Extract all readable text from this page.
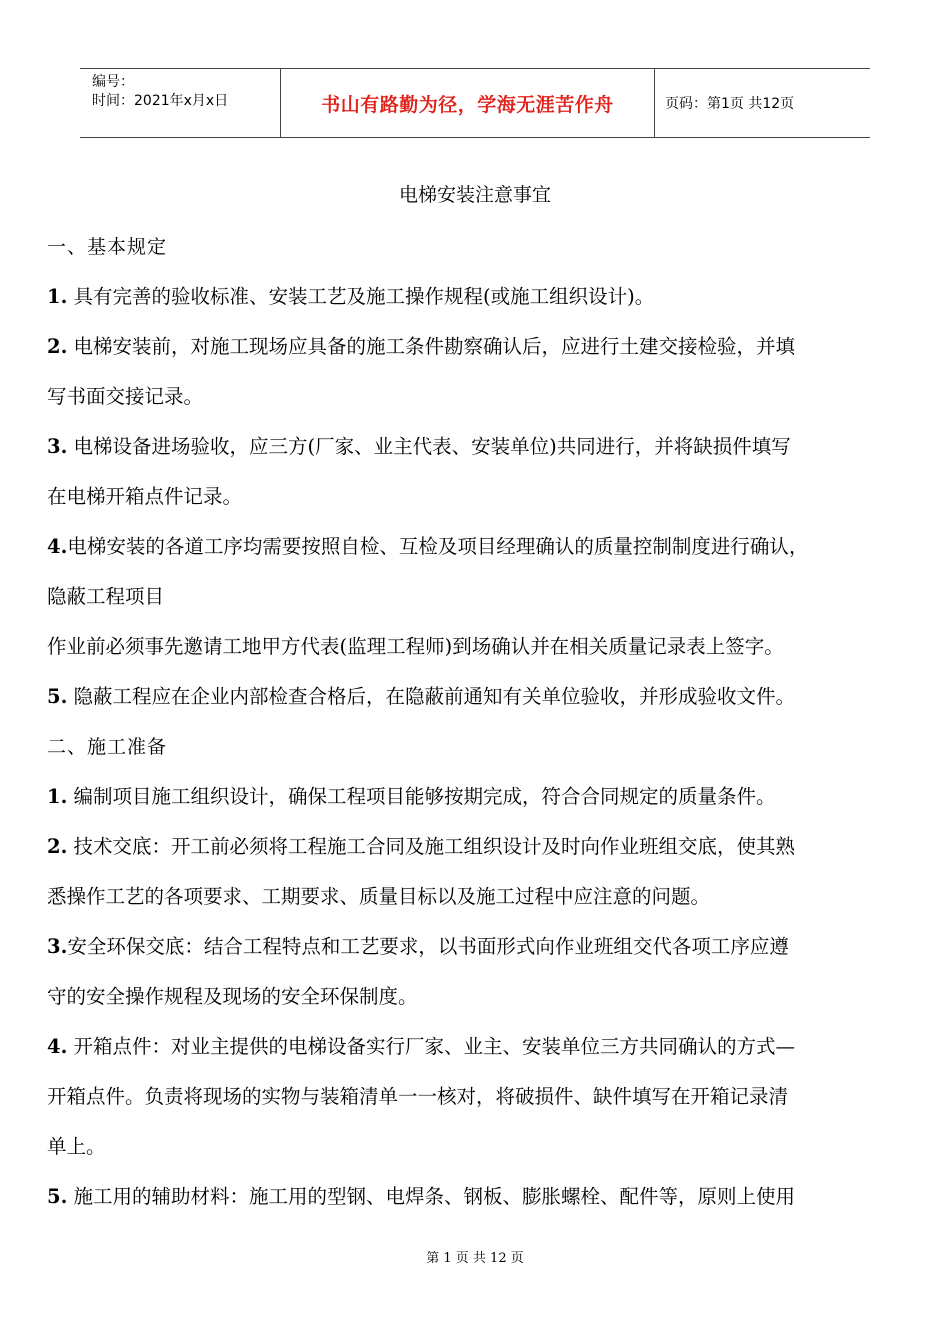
编号：
时间：2021年x月x日	书山有路勤为径，学海无涯苦作舟	页码：第1页 共12页
电梯安装注意事宜
一、基本规定
1. 具有完善的验收标准、安装工艺及施工操作规程(或施工组织设计)。
2. 电梯安装前，对施工现场应具备的施工条件勘察确认后，应进行土建交接检验，并填
写书面交接记录。
3. 电梯设备进场验收，应三方(厂家、业主代表、安装单位)共同进行，并将缺损件填写
在电梯开箱点件记录。
4.电梯安装的各道工序均需要按照自检、互检及项目经理确认的质量控制制度进行确认，
隐蔽工程项目
作业前必须事先邀请工地甲方代表(监理工程师)到场确认并在相关质量记录表上签字。
5. 隐蔽工程应在企业内部检查合格后，在隐蔽前通知有关单位验收，并形成验收文件。
二、施工准备
1. 编制项目施工组织设计，确保工程项目能够按期完成，符合合同规定的质量条件。
2. 技术交底：开工前必须将工程施工合同及施工组织设计及时向作业班组交底，使其熟
悉操作工艺的各项要求、工期要求、质量目标以及施工过程中应注意的问题。
3.安全环保交底：结合工程特点和工艺要求，以书面形式向作业班组交代各项工序应遵
守的安全操作规程及现场的安全环保制度。
4. 开箱点件：对业主提供的电梯设备实行厂家、业主、安装单位三方共同确认的方式—
开箱点件。负责将现场的实物与装箱清单一一核对，将破损件、缺件填写在开箱记录清
单上。
5. 施工用的辅助材料：施工用的型钢、电焊条、钢板、膨胀螺栓、配件等，原则上使用
第 1 页 共 12 页
